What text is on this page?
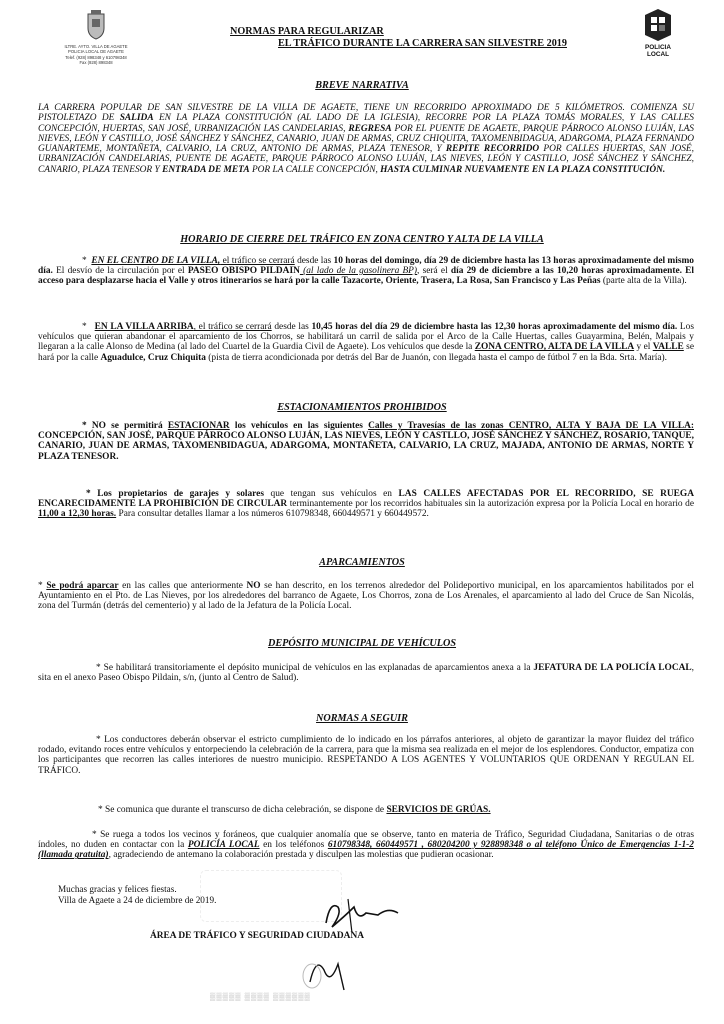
ILTRE. AYTO. VILLA DE AGAETE
POLICIA LOCAL DE AGAETE
Telef. (928) 898348 y 610798348
Fax (928) 898348
POLICIA
LOCAL
NORMAS PARA REGULARIZAR
EL TRÁFICO DURANTE LA CARRERA SAN SILVESTRE 2019
BREVE NARRATIVA
LA CARRERA POPULAR DE SAN SILVESTRE DE LA VILLA DE AGAETE, TIENE UN RECORRIDO APROXIMADO DE 5 KILÓMETROS. COMIENZA SU PISTOLETAZO DE SALIDA EN LA PLAZA CONSTITUCIÓN (AL LADO DE LA IGLESIA), RECORRE POR LA PLAZA TOMÁS MORALES, Y LAS CALLES CONCEPCIÓN, HUERTAS, SAN JOSÉ, URBANIZACIÓN LAS CANDELARIAS, REGRESA POR EL PUENTE DE AGAETE, PARQUE PÁRROCO ALONSO LUJÁN, LAS NIEVES, LEÓN Y CASTILLO, JOSÉ SÁNCHEZ Y SÁNCHEZ, CANARIO, JUAN DE ARMAS, CRUZ CHIQUITA, TAXOMENBIDAGUA, ADARGOMA, PLAZA FERNANDO GUANARTEME, MONTAÑETA, CALVARIO, LA CRUZ, ANTONIO DE ARMAS, PLAZA TENESOR, Y REPITE RECORRIDO POR CALLES HUERTAS, SAN JOSÉ, URBANIZACIÓN CANDELARIAS, PUENTE DE AGAETE, PARQUE PÁRROCO ALONSO LUJÁN, LAS NIEVES, LEÓN Y CASTILLO, JOSÉ SÁNCHEZ Y SÁNCHEZ, CANARIO, PLAZA TENESOR Y ENTRADA DE META POR LA CALLE CONCEPCIÓN, HASTA CULMINAR NUEVAMENTE EN LA PLAZA CONSTITUCIÓN.
HORARIO DE CIERRE DEL TRÁFICO EN ZONA CENTRO Y ALTA DE LA VILLA
*  EN EL CENTRO DE LA VILLA, el tráfico se cerrará desde las 10 horas del domingo, día 29 de diciembre hasta las 13 horas aproximadamente del mismo día. El desvío de la circulación por el PASEO OBISPO PILDAIN (al lado de la gasolinera BP), será el día 29 de diciembre a las 10,20 horas aproximadamente. El acceso para desplazarse hacia el Valle y otros itinerarios se hará por la calle Tazacorte, Oriente, Trasera, La Rosa, San Francisco y Las Peñas (parte alta de la Villa).
*   EN LA VILLA ARRIBA, el tráfico se cerrará desde las 10,45 horas del día 29 de diciembre hasta las 12,30 horas aproximadamente del mismo día. Los vehículos que quieran abandonar el aparcamiento de los Chorros, se habilitará un carril de salida por el Arco de la Calle Huertas, calles Guayarmina, Belén, Malpais y llegaran a la calle Alonso de Medina (al lado del Cuartel de la Guardia Civil de Agaete). Los vehículos que desde la ZONA CENTRO, ALTA DE LA VILLA y el VALLE se hará por la calle Aguadulce, Cruz Chiquita (pista de tierra acondicionada por detrás del Bar de Juanón, con llegada hasta el campo de fútbol 7 en la Bda. Srta. María).
ESTACIONAMIENTOS PROHIBIDOS
* NO se permitirá ESTACIONAR los vehículos en las siguientes Calles y Travesías de las zonas CENTRO, ALTA Y BAJA DE LA VILLA: CONCEPCIÓN, SAN JOSÉ, PARQUE PÁRROCO ALONSO LUJÁN, LAS NIEVES, LEÓN Y CASTLLO, JOSÉ SÁNCHEZ Y SÁNCHEZ, ROSARIO, TANQUE, CANARIO, JUAN DE ARMAS, TAXOMENBIDAGUA, ADARGOMA, MONTAÑETA, CALVARIO, LA CRUZ, MAJADA, ANTONIO DE ARMAS, NORTE Y PLAZA TENESOR.
* Los propietarios de garajes y solares que tengan sus vehículos en LAS CALLES AFECTADAS POR EL RECORRIDO, SE RUEGA ENCARECIDAMENTE LA PROHIBICIÓN DE CIRCULAR terminantemente por los recorridos habituales sin la autorización expresa por la Policía Local en horario de 11,00 a 12,30 horas. Para consultar detalles llamar a los números 610798348, 660449571 y 660449572.
APARCAMIENTOS
* Se podrá aparcar en las calles que anteriormente NO se han descrito, en los terrenos alrededor del Polideportivo municipal, en los aparcamientos habilitados por el Ayuntamiento en el Pto. de Las Nieves, por los alrededores del barranco de Agaete, Los Chorros, zona de Los Arenales, el aparcamiento al lado del Cruce de San Nicolás, zona del Turmán (detrás del cementerio) y al lado de la Jefatura de la Policía Local.
DEPÓSITO MUNICIPAL DE VEHÍCULOS
* Se habilitará transitoriamente el depósito municipal de vehículos en las explanadas de aparcamientos anexa a la JEFATURA DE LA POLICÍA LOCAL, sita en el anexo Paseo Obispo Pildain, s/n, (junto al Centro de Salud).
NORMAS A SEGUIR
* Los conductores deberán observar el estricto cumplimiento de lo indicado en los párrafos anteriores, al objeto de garantizar la mayor fluidez del tráfico rodado, evitando roces entre vehículos y entorpeciendo la celebración de la carrera, para que la misma sea realizada en el mejor de los esplendores. Conductor, empatiza con los participantes que recorren las calles interiores de nuestro municipio. RESPETANDO A LOS AGENTES Y VOLUNTARIOS QUE ORDENAN Y REGULAN EL TRÁFICO.
* Se comunica que durante el transcurso de dicha celebración, se dispone de SERVICIOS DE GRÚAS.
* Se ruega a todos los vecinos y foráneos, que cualquier anomalía que se observe, tanto en materia de Tráfico, Seguridad Ciudadana, Sanitarias o de otras índoles, no duden en contactar con la POLICÍA LOCAL en los teléfonos 610798348, 660449571 , 680204200 y 928898348 o al teléfono Único de Emergencias 1-1-2 (llamada gratuita), agradeciendo de antemano la colaboración prestada y disculpen las molestias que pudieran ocasionar.
Muchas gracias y felices fiestas.
Villa de Agaete a 24 de diciembre de 2019.
ÁREA DE TRÁFICO Y SEGURIDAD CIUDADANA
▒▒▒▒▒ ▒▒▒▒ ▒▒▒▒▒▒
